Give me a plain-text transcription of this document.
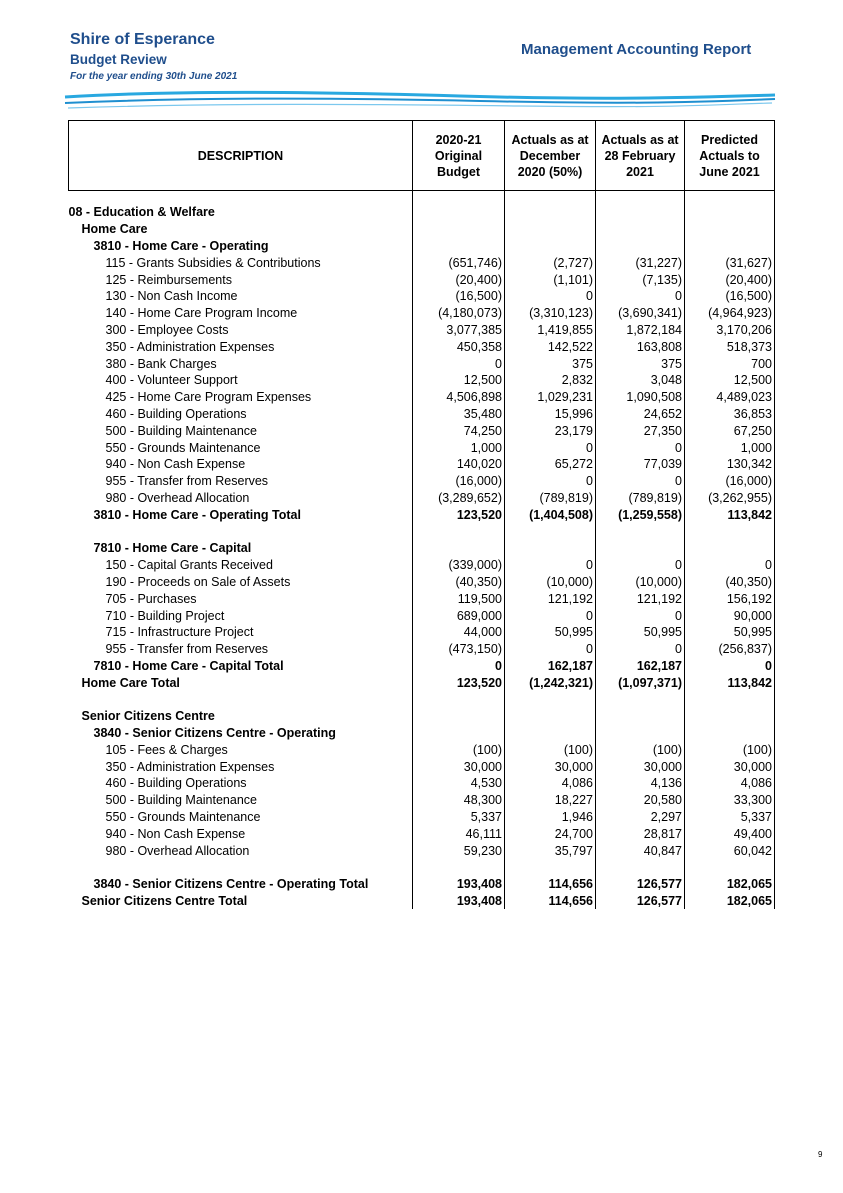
Shire of Esperance
Budget Review
For the year ending 30th June 2021
Management Accounting Report
DESCRIPTION	2020-21
Original
Budget	Actuals as at
December
2020 (50%)	Actuals as at
28 February
2021	Predicted
Actuals to
June 2021

08 - Education & Welfare				
Home Care				
3810 - Home Care - Operating				
115 - Grants Subsidies & Contributions	(651,746)	(2,727)	(31,227)	(31,627)
125 - Reimbursements	(20,400)	(1,101)	(7,135)	(20,400)
130 - Non Cash Income	(16,500)	0	0	(16,500)
140 - Home Care Program Income	(4,180,073)	(3,310,123)	(3,690,341)	(4,964,923)
300 - Employee Costs	3,077,385	1,419,855	1,872,184	3,170,206
350 - Administration Expenses	450,358	142,522	163,808	518,373
380 - Bank Charges	0	375	375	700
400 - Volunteer Support	12,500	2,832	3,048	12,500
425 - Home Care Program Expenses	4,506,898	1,029,231	1,090,508	4,489,023
460 - Building Operations	35,480	15,996	24,652	36,853
500 - Building Maintenance	74,250	23,179	27,350	67,250
550 - Grounds Maintenance	1,000	0	0	1,000
940 - Non Cash Expense	140,020	65,272	77,039	130,342
955 - Transfer from Reserves	(16,000)	0	0	(16,000)
980 - Overhead Allocation	(3,289,652)	(789,819)	(789,819)	(3,262,955)
3810 - Home Care - Operating Total	123,520	(1,404,508)	(1,259,558)	113,842

7810 - Home Care - Capital				
150 - Capital Grants Received	(339,000)	0	0	0
190 - Proceeds on Sale of Assets	(40,350)	(10,000)	(10,000)	(40,350)
705 - Purchases	119,500	121,192	121,192	156,192
710 - Building Project	689,000	0	0	90,000
715 - Infrastructure Project	44,000	50,995	50,995	50,995
955 - Transfer from Reserves	(473,150)	0	0	(256,837)
7810 - Home Care - Capital Total	0	162,187	162,187	0
Home Care Total	123,520	(1,242,321)	(1,097,371)	113,842

Senior Citizens Centre				
3840 - Senior Citizens Centre - Operating				
105 - Fees & Charges	(100)	(100)	(100)	(100)
350 - Administration Expenses	30,000	30,000	30,000	30,000
460 - Building Operations	4,530	4,086	4,136	4,086
500 - Building Maintenance	48,300	18,227	20,580	33,300
550 - Grounds Maintenance	5,337	1,946	2,297	5,337
940 - Non Cash Expense	46,111	24,700	28,817	49,400
980 - Overhead Allocation	59,230	35,797	40,847	60,042

3840 - Senior Citizens Centre - Operating Total	193,408	114,656	126,577	182,065
Senior Citizens Centre Total	193,408	114,656	126,577	182,065
9
